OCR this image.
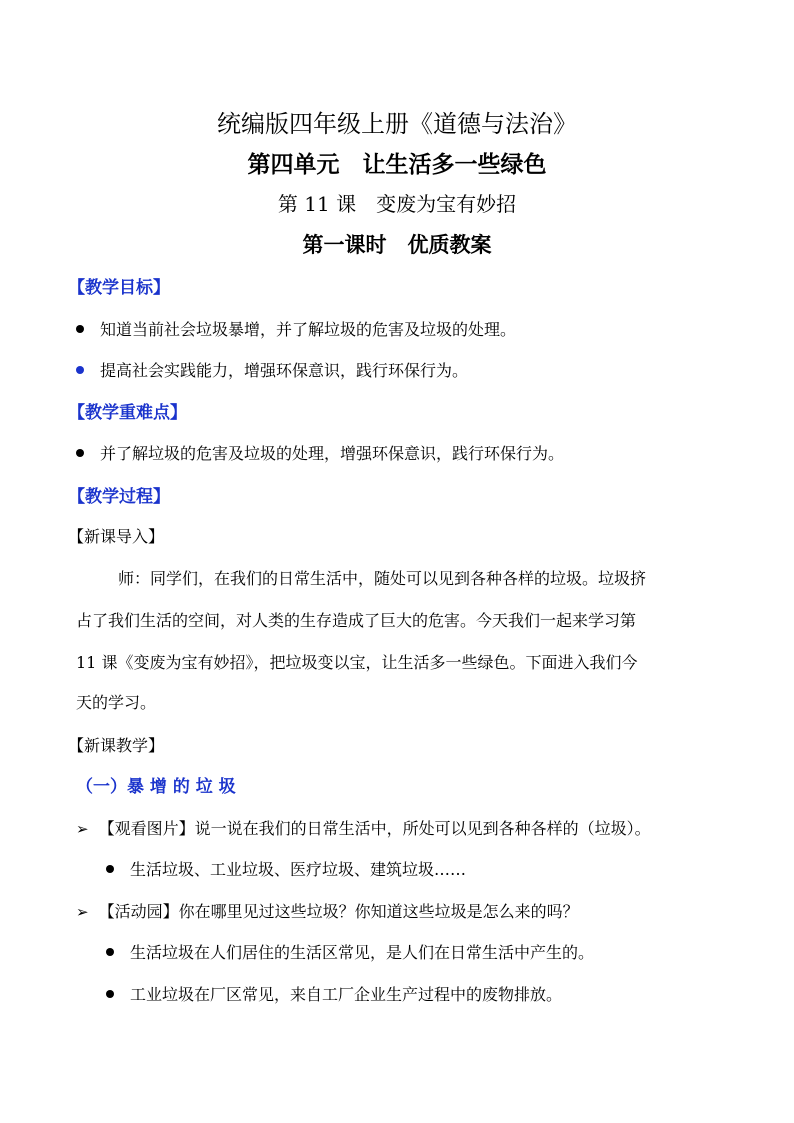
统编版四年级上册《道德与法治》
第四单元　让生活多一些绿色
第 11 课　变废为宝有妙招
第一课时　优质教案
【教学目标】
知道当前社会垃圾暴增，并了解垃圾的危害及垃圾的处理。
提高社会实践能力，增强环保意识，践行环保行为。
【教学重难点】
并了解垃圾的危害及垃圾的处理，增强环保意识，践行环保行为。
【教学过程】
【新课导入】
师：同学们，在我们的日常生活中，随处可以见到各种各样的垃圾。垃圾挤
占了我们生活的空间，对人类的生存造成了巨大的危害。今天我们一起来学习第
11 课《变废为宝有妙招》，把垃圾变以宝，让生活多一些绿色。下面进入我们今
天的学习。
【新课教学】
（一）暴 增 的 垃 圾
➢ 【观看图片】说一说在我们的日常生活中，所处可以见到各种各样的（垃圾）。
生活垃圾、工业垃圾、医疗垃圾、建筑垃圾……
➢ 【活动园】你在哪里见过这些垃圾？你知道这些垃圾是怎么来的吗？
生活垃圾在人们居住的生活区常见，是人们在日常生活中产生的。
工业垃圾在厂区常见，来自工厂企业生产过程中的废物排放。
